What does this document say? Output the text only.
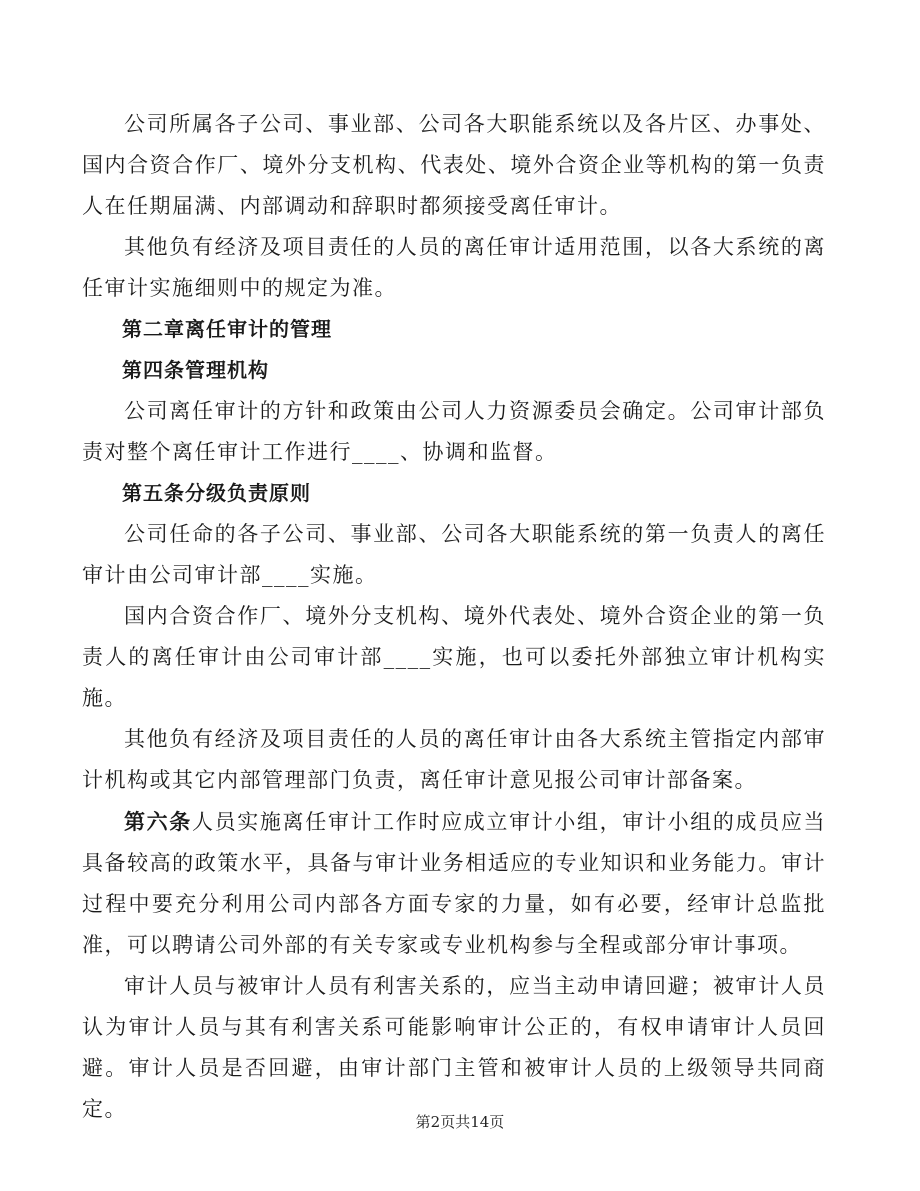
公司所属各子公司、事业部、公司各大职能系统以及各片区、办事处、国内合资合作厂、境外分支机构、代表处、境外合资企业等机构的第一负责人在任期届满、内部调动和辞职时都须接受离任审计。

其他负有经济及项目责任的人员的离任审计适用范围，以各大系统的离任审计实施细则中的规定为准。

第二章离任审计的管理

第四条管理机构

公司离任审计的方针和政策由公司人力资源委员会确定。公司审计部负责对整个离任审计工作进行____、协调和监督。

第五条分级负责原则

公司任命的各子公司、事业部、公司各大职能系统的第一负责人的离任审计由公司审计部____实施。

国内合资合作厂、境外分支机构、境外代表处、境外合资企业的第一负责人的离任审计由公司审计部____实施，也可以委托外部独立审计机构实施。

其他负有经济及项目责任的人员的离任审计由各大系统主管指定内部审计机构或其它内部管理部门负责，离任审计意见报公司审计部备案。

第六条人员实施离任审计工作时应成立审计小组，审计小组的成员应当具备较高的政策水平，具备与审计业务相适应的专业知识和业务能力。审计过程中要充分利用公司内部各方面专家的力量，如有必要，经审计总监批准，可以聘请公司外部的有关专家或专业机构参与全程或部分审计事项。

审计人员与被审计人员有利害关系的，应当主动申请回避；被审计人员认为审计人员与其有利害关系可能影响审计公正的，有权申请审计人员回避。审计人员是否回避，由审计部门主管和被审计人员的上级领导共同商定。

第2页共14页
